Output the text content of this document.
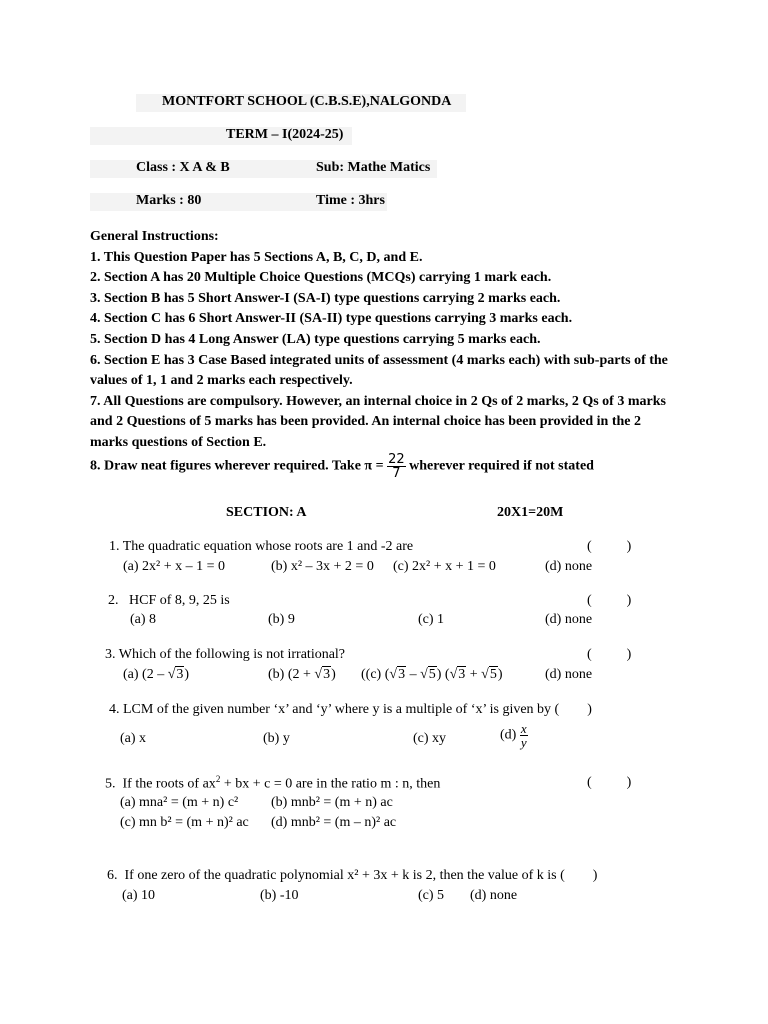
MONTFORT SCHOOL (C.B.S.E),NALGONDA
TERM – I(2024-25)
Class : X A & B	Sub: Mathe Matics
Marks : 80	Time : 3hrs
General Instructions:
1. This Question Paper has 5 Sections A, B, C, D, and E.
2. Section A has 20 Multiple Choice Questions (MCQs) carrying 1 mark each.
3. Section B has 5 Short Answer-I (SA-I) type questions carrying 2 marks each.
4. Section C has 6 Short Answer-II (SA-II) type questions carrying 3 marks each.
5. Section D has 4 Long Answer (LA) type questions carrying 5 marks each.
6. Section E has 3 Case Based integrated units of assessment (4 marks each) with sub-parts of the values of 1, 1 and 2 marks each respectively.
7. All Questions are compulsory. However, an internal choice in 2 Qs of 2 marks, 2 Qs of 3 marks and 2 Questions of 5 marks has been provided. An internal choice has been provided in the 2 marks questions of Section E.
8. Draw neat figures wherever required. Take $\pi = \frac{22}{7}$ wherever required if not stated
SECTION: A	20X1=20M
1. The quadratic equation whose roots are 1 and -2 are	(          )
(a) 2x² + x – 1 = 0	(b) x² – 3x + 2 = 0 (c) 2x² + x + 1 = 0	(d) none
2.   HCF of 8, 9, 25 is	(          )
(a) 8	(b) 9	(c) 1	(d) none
3. Which of the following is not irrational?	(          )
(a) (2 – √3)	(b) (2 + √3) ((c) (√3 – √5) (√3 + √5)	(d) none
4. LCM of the given number ‘x’ and ‘y’ where y is a multiple of ‘x’ is given by (        )
(a) x	(b) y	(c) xy	$(d) \frac{x}{y}$
5.  If the roots of $ax^2$ + bx + c = 0 are in the ratio m : n, then	(          )
(a) mna² = (m + n) c² (b) mnb² = (m + n) ac
(c) mn b² = (m + n)² ac (d) mnb² = (m – n)² ac
6.  If one zero of the quadratic polynomial x² + 3x + k is 2, then the value of k is (        )
(a) 10	(b) -10	(c) 5 (d) none
